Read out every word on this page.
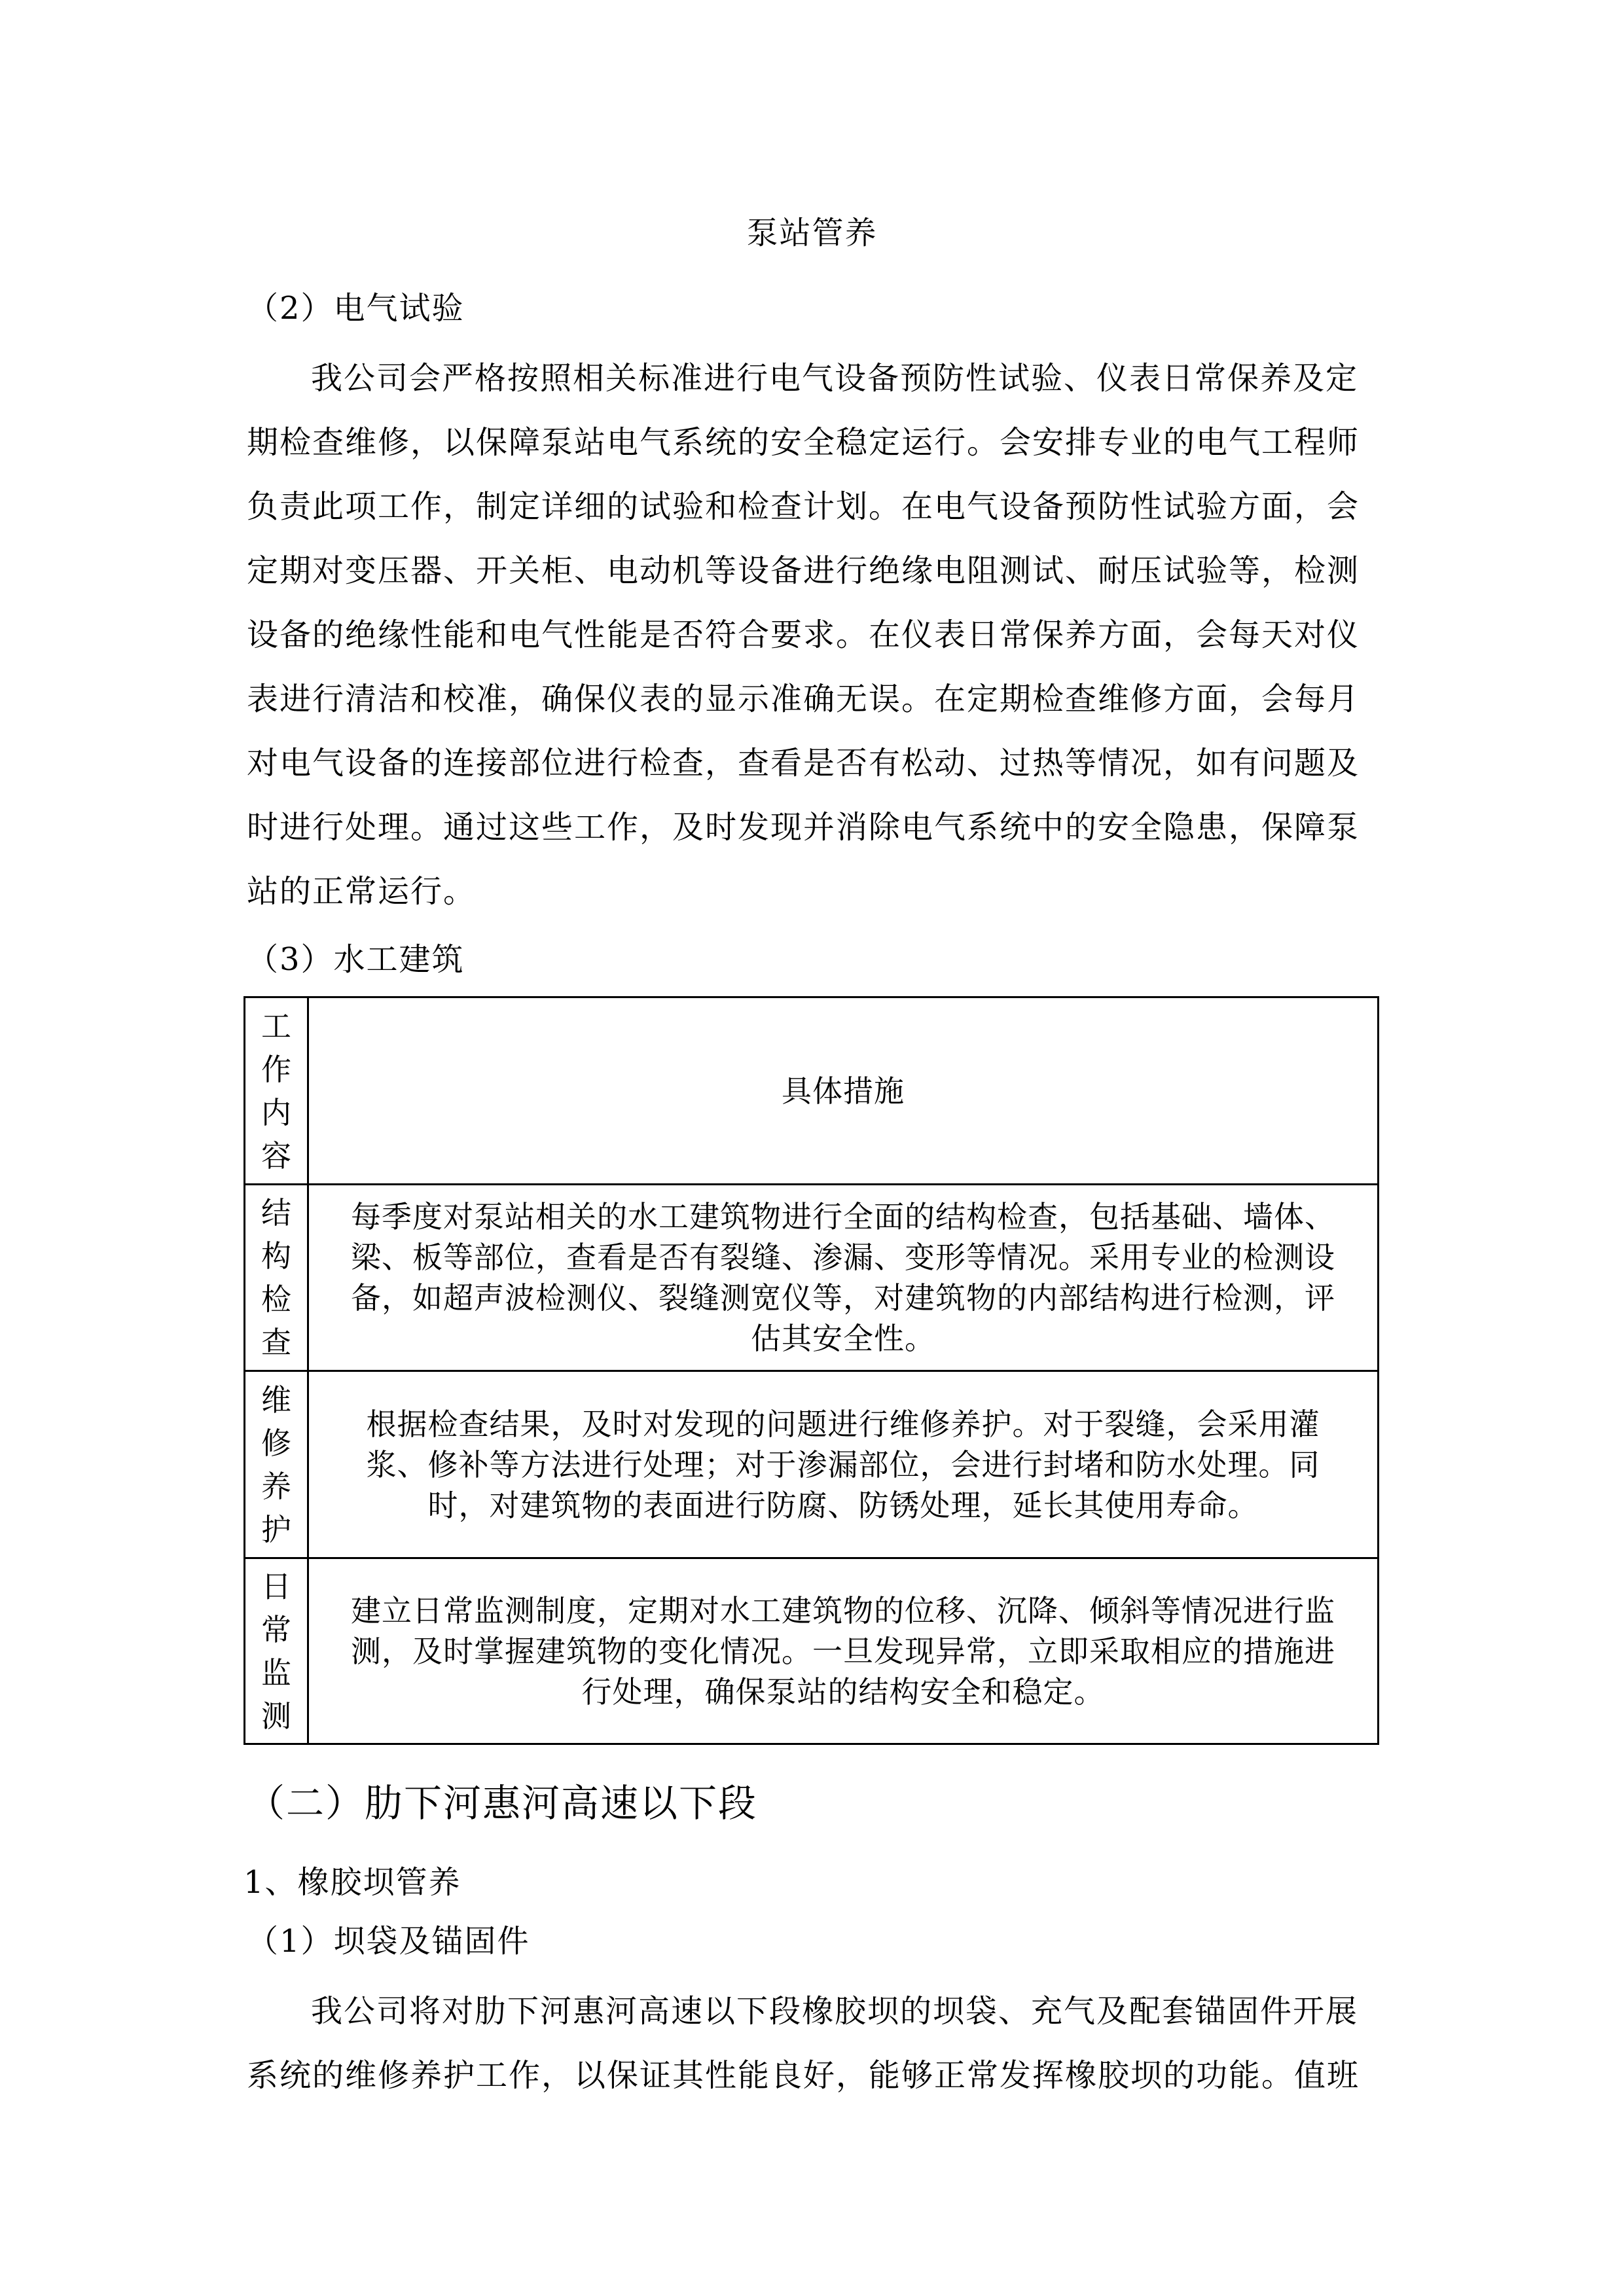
泵站管养
（2）电气试验
我公司会严格按照相关标准进行电气设备预防性试验、仪表日常保养及定
期检查维修，以保障泵站电气系统的安全稳定运行。会安排专业的电气工程师
负责此项工作，制定详细的试验和检查计划。在电气设备预防性试验方面，会
定期对变压器、开关柜、电动机等设备进行绝缘电阻测试、耐压试验等，检测
设备的绝缘性能和电气性能是否符合要求。在仪表日常保养方面，会每天对仪
表进行清洁和校准，确保仪表的显示准确无误。在定期检查维修方面，会每月
对电气设备的连接部位进行检查，查看是否有松动、过热等情况，如有问题及
时进行处理。通过这些工作，及时发现并消除电气系统中的安全隐患，保障泵
站的正常运行。
（3）水工建筑
工
作
内
容	具体措施

结
构
检
查	每季度对泵站相关的水工建筑物进行全面的结构检查，包括基础、墙体、
梁、板等部位，查看是否有裂缝、渗漏、变形等情况。采用专业的检测设
备，如超声波检测仪、裂缝测宽仪等，对建筑物的内部结构进行检测，评
估其安全性。

维
修
养
护	根据检查结果，及时对发现的问题进行维修养护。对于裂缝，会采用灌
浆、修补等方法进行处理；对于渗漏部位，会进行封堵和防水处理。同
时，对建筑物的表面进行防腐、防锈处理，延长其使用寿命。

日
常
监
测	建立日常监测制度，定期对水工建筑物的位移、沉降、倾斜等情况进行监
测，及时掌握建筑物的变化情况。一旦发现异常，立即采取相应的措施进
行处理，确保泵站的结构安全和稳定。
（二）肋下河惠河高速以下段
1、橡胶坝管养
（1）坝袋及锚固件
我公司将对肋下河惠河高速以下段橡胶坝的坝袋、充气及配套锚固件开展
系统的维修养护工作，以保证其性能良好，能够正常发挥橡胶坝的功能。值班
